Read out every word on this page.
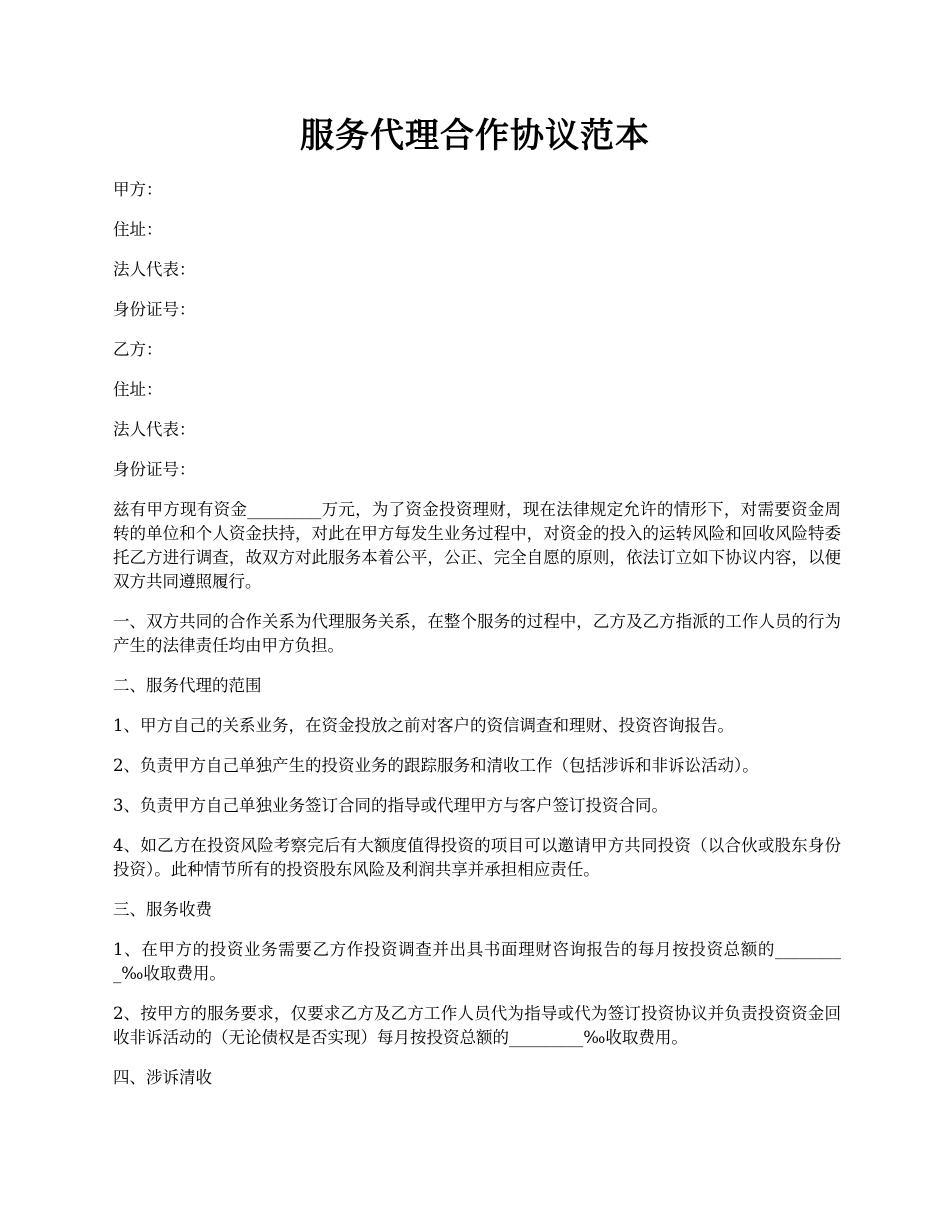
服务代理合作协议范本

甲方：

住址：

法人代表：

身份证号：

乙方：

住址：

法人代表：

身份证号：

兹有甲方现有资金_________万元，为了资金投资理财，现在法律规定允许的情形下，对需要资金周转的单位和个人资金扶持，对此在甲方每发生业务过程中，对资金的投入的运转风险和回收风险特委托乙方进行调查，故双方对此服务本着公平，公正、完全自愿的原则，依法订立如下协议内容，以便双方共同遵照履行。

一、双方共同的合作关系为代理服务关系，在整个服务的过程中，乙方及乙方指派的工作人员的行为产生的法律责任均由甲方负担。

二、服务代理的范围

1、甲方自己的关系业务，在资金投放之前对客户的资信调查和理财、投资咨询报告。

2、负责甲方自己单独产生的投资业务的跟踪服务和清收工作（包括涉诉和非诉讼活动）。

3、负责甲方自己单独业务签订合同的指导或代理甲方与客户签订投资合同。

4、如乙方在投资风险考察完后有大额度值得投资的项目可以邀请甲方共同投资（以合伙或股东身份投资）。此种情节所有的投资股东风险及利润共享并承担相应责任。

三、服务收费

1、在甲方的投资业务需要乙方作投资调查并出具书面理财咨询报告的每月按投资总额的_________‰收取费用。

2、按甲方的服务要求，仅要求乙方及乙方工作人员代为指导或代为签订投资协议并负责投资资金回收非诉活动的（无论债权是否实现）每月按投资总额的_________‰收取费用。

四、涉诉清收
